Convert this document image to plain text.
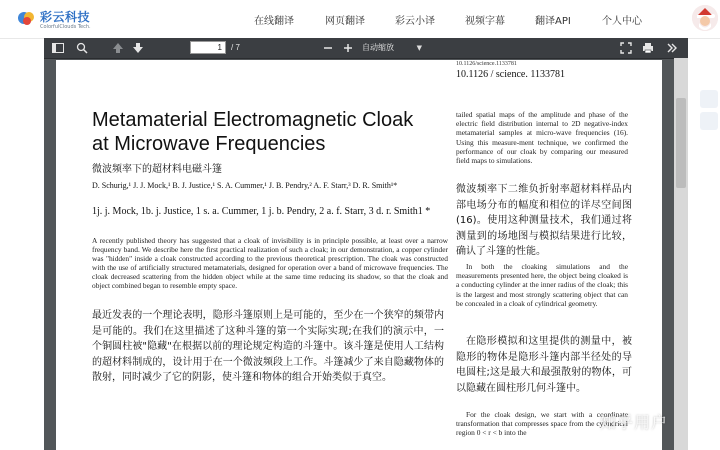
彩云科技
ColorfulClouds Tech.	在线翻译	网页翻译	彩云小译	视频字幕	翻译API	个人中心
1	/ 7	自动缩放	▼
10.1126/science.1133781
10.1126 / science. 1133781
Metamaterial Electromagnetic Cloak at Microwave Frequencies
微波频率下的超材料电磁斗篷
D. Schurig,¹ J. J. Mock,¹ B. J. Justice,¹ S. A. Cummer,¹ J. B. Pendry,² A. F. Starr,³ D. R. Smith¹*
1j. j. Mock, 1b. j. Justice, 1 s. a. Cummer, 1 j. b. Pendry, 2 a. f. Starr, 3 d. r. Smith1 *
A recently published theory has suggested that a cloak of invisibility is in principle possible, at least over a narrow frequency band. We describe here the first practical realization of such a cloak; in our demonstration, a copper cylinder was "hidden" inside a cloak constructed according to the previous theoretical prescription. The cloak was constructed with the use of artificially structured metamaterials, designed for operation over a band of microwave frequencies. The cloak decreased scattering from the hidden object while at the same time reducing its shadow, so that the cloak and object combined began to resemble empty space.
最近发表的一个理论表明，隐形斗篷原则上是可能的，至少在一个狭窄的频带内是可能的。我们在这里描述了这种斗篷的第一个实际实现;在我们的演示中，一个铜圆柱被"隐藏"在根据以前的理论规定构造的斗篷中。该斗篷是使用人工结构的超材料制成的，设计用于在一个微波频段上工作。斗篷减少了来自隐藏物体的散射，同时减少了它的阴影，使斗篷和物体的组合开始类似于真空。
tailed spatial maps of the amplitude and phase of the electric field distribution internal to 2D negative-index metamaterial samples at micro-wave frequencies (16). Using this measure-ment technique, we confirmed the performance of our cloak by comparing our measured field maps to simulations.
微波频率下二维负折射率超材料样品内部电场分布的幅度和相位的详尽空间图(16)。使用这种测量技术，我们通过将测量到的场地图与模拟结果进行比较，确认了斗篷的性能。
In both the cloaking simulations and the measurements presented here, the object being cloaked is a conducting cylinder at the inner radius of the cloak; this is the largest and most strongly scattering object that can be concealed in a cloak of cylindrical geometry.
在隐形模拟和这里提供的测量中，被隐形的物体是隐形斗篷内部半径处的导电圆柱;这是最大和最强散射的物体，可以隐藏在圆柱形几何斗篷中。
For the cloak design, we start with a coordinate transformation that compresses space from the cylindrical region 0 < r < b into the
知乎用户
